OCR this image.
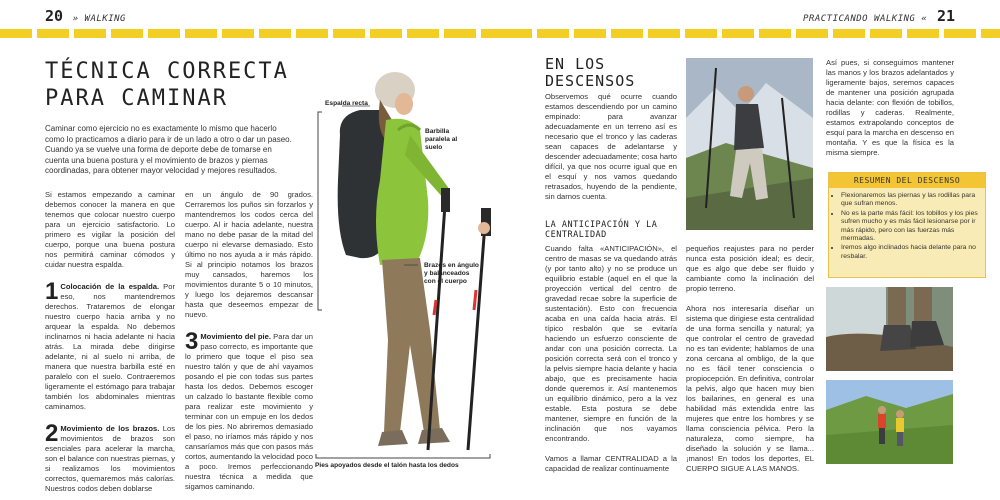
20 » WALKING
TÉCNICA CORRECTA
PARA CAMINAR

Caminar como ejercicio no es exactamente lo mismo que hacerlo como lo practicamos a diario para ir de un lado a otro o dar un paseo. Cuando ya se vuelve una forma de deporte debe de tomarse en cuenta una buena postura y el movimiento de brazos y piernas coordinadas, para obtener mayor velocidad y mejores resultados.

Si estamos empezando a caminar debemos conocer la manera en que tenemos que colocar nuestro cuerpo para un ejercicio satisfactorio. Lo primero es vigilar la posición del cuerpo, porque una buena postura nos permitirá caminar cómodos y cuidar nuestra espalda.

1 Colocación de la espalda. Por eso, nos mantendremos derechos. Trataremos de elongar nuestro cuerpo hacia arriba y no arquear la espalda. No debemos inclinarnos ni hacia adelante ni hacia atrás. La mirada debe dirigirse adelante, ni al suelo ni arriba, de manera que nuestra barbilla esté en paralelo con el suelo. Contraeremos ligeramente el estómago para trabajar también los abdominales mientras caminamos.

2 Movimiento de los brazos. Los movimientos de brazos son esenciales para acelerar la marcha, son el balance con nuestras piernas, y si realizamos los movimientos correctos, quemaremos más calorías. Nuestros codos deben doblarse

en un ángulo de 90 grados. Cerraremos los puños sin forzarlos y mantendremos los codos cerca del cuerpo. Al ir hacia adelante, nuestra mano no debe pasar de la mitad del cuerpo ni elevarse demasiado. Esto último no nos ayuda a ir más rápido. Si al principio notamos los brazos muy cansados, haremos los movimientos durante 5 o 10 minutos, y luego los dejaremos descansar hasta que deseemos empezar de nuevo.

3 Movimiento del pie. Para dar un paso correcto, es importante que lo primero que toque el piso sea nuestro talón y que de ahí vayamos posando el pie con todas sus partes hasta los dedos. Debemos escoger un calzado lo bastante flexible como para realizar este movimiento y terminar con un empuje en los dedos de los pies. No abriremos demasiado el paso, no iríamos más rápido y nos cansaríamos más que con pasos más cortos, aumentando la velocidad poco a poco. Iremos perfeccionando nuestra técnica a medida que sigamos caminando.

Espalda recta
Barbilla paralela al suelo
Brazos en ángulo y balanceados con el cuerpo
Pies apoyados desde el talón hasta los dedos
PRACTICANDO WALKING « 21
EN LOS
DESCENSOS

Observemos qué ocurre cuando estamos descendiendo por un camino empinado: para avanzar adecuadamente en un terreno así es necesario que el tronco y las caderas sean capaces de adelantarse y descender adecuadamente; cosa harto difícil, ya que nos ocurre igual que en el esquí y nos vamos quedando retrasados, huyendo de la pendiente, sin darnos cuenta.

LA ANTICIPACIÓN Y LA
CENTRALIDAD

Cuando falta «ANTICIPACIÓN», el centro de masas se va quedando atrás (y por tanto alto) y no se produce un equilibrio estable (aquel en el que la proyección vertical del centro de gravedad recae sobre la superficie de sustentación). Esto con frecuencia acaba en una caída hacia atrás. El típico resbalón que se evitaría haciendo un esfuerzo consciente de andar con una posición correcta. La posición correcta será con el tronco y la pelvis siempre hacia delante y hacia abajo, que es precisamente hacia donde queremos ir. Así mantenemos un equilibrio dinámico, pero a la vez estable. Esta postura se debe mantener, siempre en función de la inclinación que nos vayamos encontrando.

Vamos a llamar CENTRALIDAD a la capacidad de realizar continuamente

pequeños reajustes para no perder nunca esta posición ideal; es decir, que es algo que debe ser fluido y cambiante como la inclinación del propio terreno.

Ahora nos interesaría diseñar un sistema que dirigiese esta centralidad de una forma sencilla y natural; ya que controlar el centro de gravedad no es tan evidente; hablamos de una zona cercana al ombligo, de la que no es fácil tener consciencia o propiocepción. En definitiva, controlar la pelvis, algo que hacen muy bien los bailarines, en general es una habilidad más extendida entre las mujeres que entre los hombres y se llama consciencia pélvica. Pero la naturaleza, como siempre, ha diseñado la solución y se llama... ¡manos! En todos los deportes, EL CUERPO SIGUE A LAS MANOS.

Así pues, si conseguimos mantener las manos y los brazos adelantados y ligeramente bajos, seremos capaces de mantener una posición agrupada hacia delante: con flexión de tobillos, rodillas y caderas. Realmente, estamos extrapolando conceptos de esquí para la marcha en descenso en montaña. Y es que la física es la misma siempre.

RESUMEN DEL DESCENSO
• Flexionaremos las piernas y las rodillas para que sufran menos.
• No es la parte más fácil: los tobillos y los pies sufren mucho y es más fácil lesionarse por ir más rápido, pero con las fuerzas más mermadas.
• Iremos algo inclinados hacia delante para no resbalar.
